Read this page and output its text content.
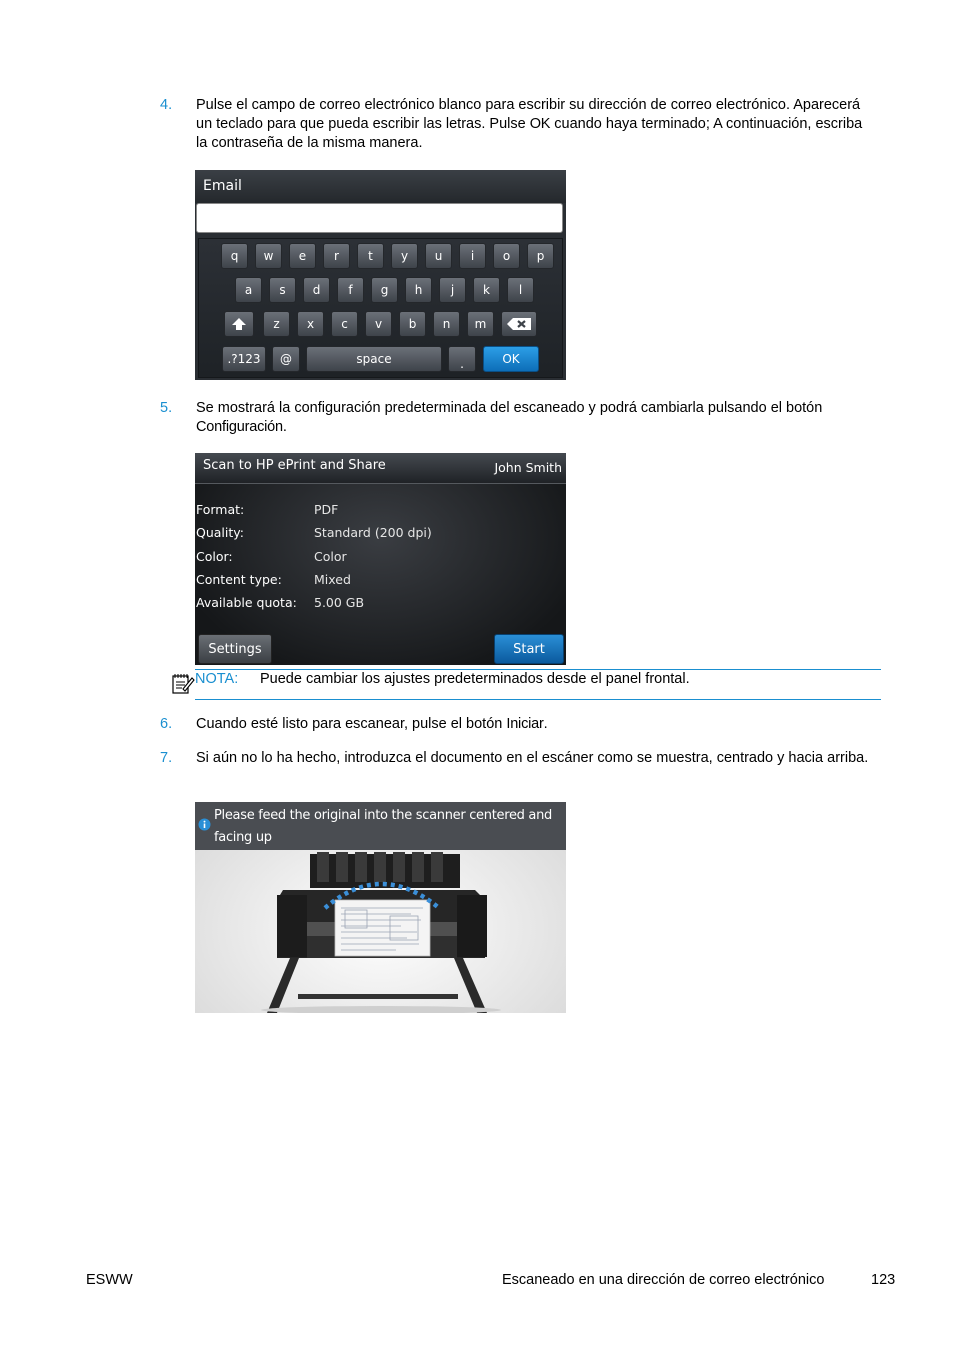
4. Pulse el campo de correo electrónico blanco para escribir su dirección de correo electrónico. Aparecerá un teclado para que pueda escribir las letras. Pulse OK cuando haya terminado; A continuación, escriba la contraseña de la misma manera.
Email
q	w	e	r	t	y	u	i	o	p
a	s	d	f	g	h	j	k	l
z	x	c	v	b	n	m
.?123	@	space	.	OK
5. Se mostrará la configuración predeterminada del escaneado y podrá cambiarla pulsando el botón Configuración.
Scan to HP ePrint and Share	John Smith
Format:	PDF
Quality:	Standard (200 dpi)
Color:	Color
Content type:	Mixed
Available quota: 5.00 GB
Settings	Start
NOTA: Puede cambiar los ajustes predeterminados desde el panel frontal.
6. Cuando esté listo para escanear, pulse el botón Iniciar.
7. Si aún no lo ha hecho, introduzca el documento en el escáner como se muestra, centrado y hacia arriba.
Please feed the original into the scanner centered and facing up
ESWW	Escaneado en una dirección de correo electrónico	123
